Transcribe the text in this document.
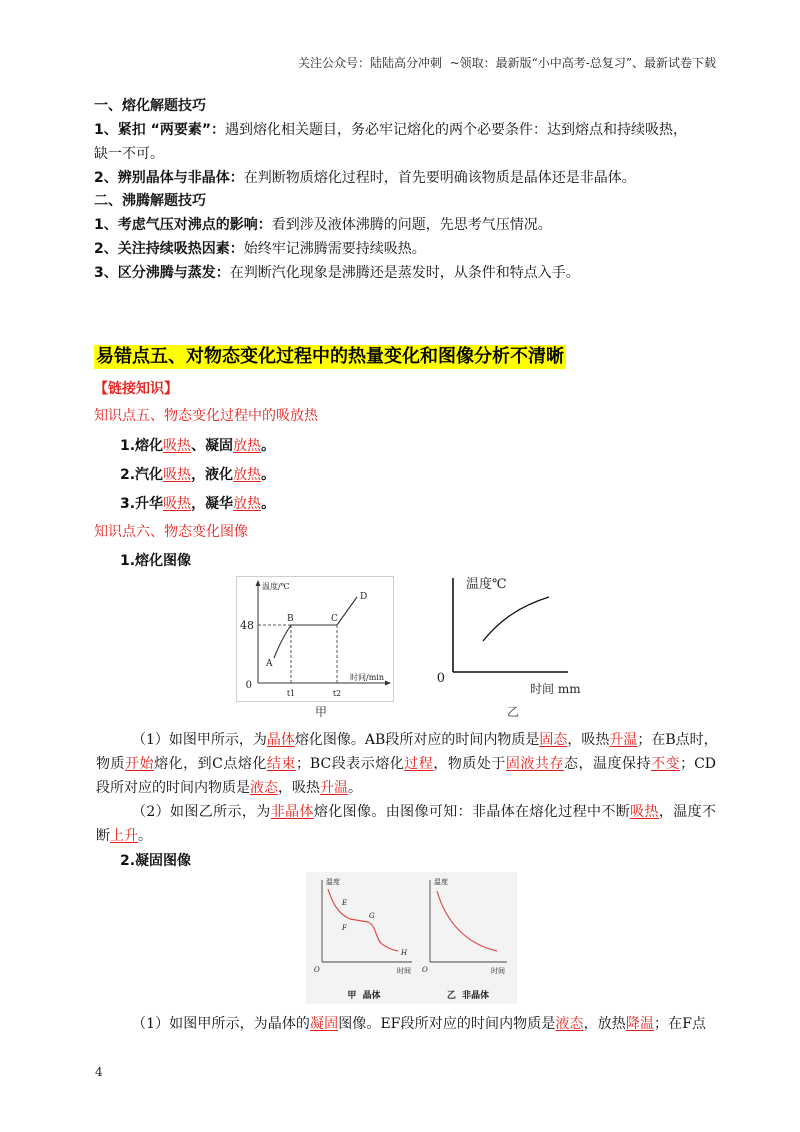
关注公众号：陆陆高分冲刺  ~领取：最新版“小中高考-总复习”、最新试卷下载
一、熔化解题技巧
1、紧扣 “两要素”：遇到熔化相关题目，务必牢记熔化的两个必要条件：达到熔点和持续吸热，
缺一不可。
2、辨别晶体与非晶体：在判断物质熔化过程时，首先要明确该物质是晶体还是非晶体。
二、沸腾解题技巧
1、考虑气压对沸点的影响：看到涉及液体沸腾的问题，先思考气压情况。
2、关注持续吸热因素：始终牢记沸腾需要持续吸热。
3、区分沸腾与蒸发：在判断汽化现象是沸腾还是蒸发时，从条件和特点入手。
易错点五、对物态变化过程中的热量变化和图像分析不清晰
【链接知识】
知识点五、物态变化过程中的吸放热
1.熔化吸热、凝固放热。
2.汽化吸热，液化放热。
3.升华吸热，凝华放热。
知识点六、物态变化图像
1.熔化图像
温度/℃
48
0
时间/min
t1	t2
A
B	C
D
温度℃
0
时间 mm
甲	乙
（1）如图甲所示，为晶体熔化图像。AB段所对应的时间内物质是固态，吸热升温；在B点时，
物质开始熔化，到C点熔化结束；BC段表示熔化过程，物质处于固液共存态，温度保持不变；CD
段所对应的时间内物质是液态，吸热升温。
（2）如图乙所示，为非晶体熔化图像。由图像可知：非晶体在熔化过程中不断吸热，温度不
断上升。
2.凝固图像
温度
O	时间
E
F
G
H
温度
O	时间
甲  晶体	乙  非晶体
（1）如图甲所示，为晶体的凝固图像。EF段所对应的时间内物质是液态，放热降温；在F点
4
